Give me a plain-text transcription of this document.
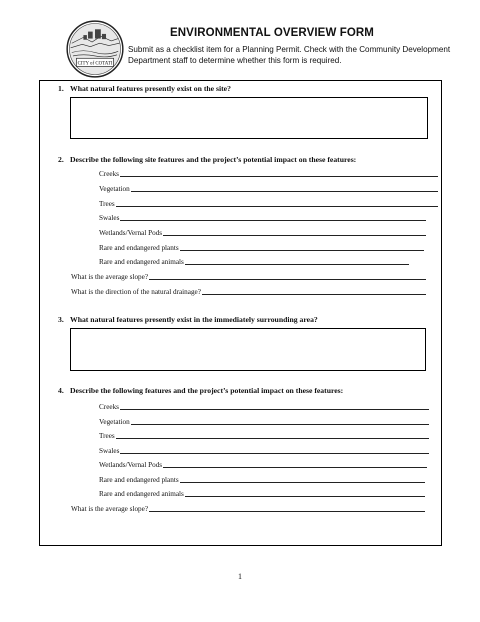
CITY of COTATI
ENVIRONMENTAL OVERVIEW FORM
Submit as a checklist item for a Planning Permit. Check with the Community Development
Department staff to determine whether this form is required.
1. What natural features presently exist on the site?
2. Describe the following site features and the project’s potential impact on these features:
Creeks
Vegetation
Trees
Swales
Wetlands/Vernal Pods
Rare and endangered plants
Rare and endangered animals
What is the average slope?
What is the direction of the natural drainage?
3. What natural features presently exist in the immediately surrounding area?
4. Describe the following features and the project’s potential impact on these features:
Creeks
Vegetation
Trees
Swales
Wetlands/Vernal Pods
Rare and endangered plants
Rare and endangered animals
What is the average slope?
1
